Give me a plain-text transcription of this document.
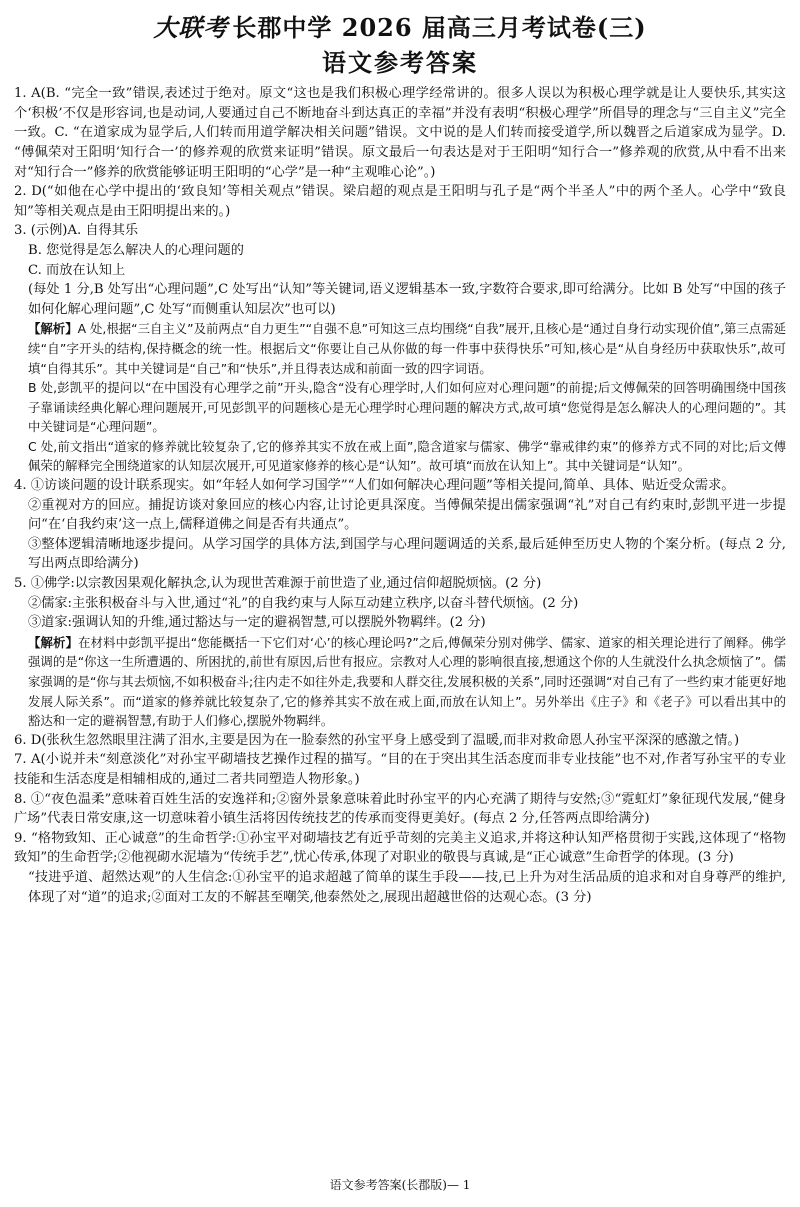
大联考 长郡中学 2026 届高三月考试卷(三)
语文参考答案

1. A(B. “完全一致”错误,表述过于绝对。原文“这也是我们积极心理学经常讲的。很多人误以为积极心理学就是让人要快乐,其实这个‘积极’不仅是形容词,也是动词,人要通过自己不断地奋斗到达真正的幸福”并没有表明“积极心理学”所倡导的理念与“三自主义”完全一致。C. “在道家成为显学后,人们转而用道学解决相关问题”错误。文中说的是人们转而接受道学,所以魏晋之后道家成为显学。D. “傅佩荣对王阳明‘知行合一’的修养观的欣赏来证明”错误。原文最后一句表达是对于王阳明“知行合一”修养观的欣赏,从中看不出来对“知行合一”修养的欣赏能够证明王阳明的“心学”是一种“主观唯心论”。)

2. D(“如他在心学中提出的‘致良知’等相关观点”错误。梁启超的观点是王阳明与孔子是“两个半圣人”中的两个圣人。心学中“致良知”等相关观点是由王阳明提出来的。)

3. (示例)A. 自得其乐

B. 您觉得是怎么解决人的心理问题的

C. 而放在认知上

(每处 1 分,B 处写出“心理问题”,C 处写出“认知”等关键词,语义逻辑基本一致,字数符合要求,即可给满分。比如 B 处写“中国的孩子如何化解心理问题”,C 处写“而侧重认知层次”也可以)

【解析】A 处,根据“三自主义”及前两点“自力更生”“自强不息”可知这三点均围绕“自我”展开,且核心是“通过自身行动实现价值”,第三点需延续“自”字开头的结构,保持概念的统一性。根据后文“你要让自己从你做的每一件事中获得快乐”可知,核心是“从自身经历中获取快乐”,故可填“自得其乐”。其中关键词是“自己”和“快乐”,并且得表达成和前面一致的四字词语。

B 处,彭凯平的提问以“在中国没有心理学之前”开头,隐含“没有心理学时,人们如何应对心理问题”的前提;后文傅佩荣的回答明确围绕中国孩子靠诵读经典化解心理问题展开,可见彭凯平的问题核心是无心理学时心理问题的解决方式,故可填“您觉得是怎么解决人的心理问题的”。其中关键词是“心理问题”。

C 处,前文指出“道家的修养就比较复杂了,它的修养其实不放在戒上面”,隐含道家与儒家、佛学“靠戒律约束”的修养方式不同的对比;后文傅佩荣的解释完全围绕道家的认知层次展开,可见道家修养的核心是“认知”。故可填“而放在认知上”。其中关键词是“认知”。

4. ①访谈问题的设计联系现实。如“年轻人如何学习国学”“人们如何解决心理问题”等相关提问,简单、具体、贴近受众需求。

②重视对方的回应。捕捉访谈对象回应的核心内容,让讨论更具深度。当傅佩荣提出儒家强调“礼”对自己有约束时,彭凯平进一步提问“在‘自我约束’这一点上,儒释道佛之间是否有共通点”。

③整体逻辑清晰地逐步提问。从学习国学的具体方法,到国学与心理问题调适的关系,最后延伸至历史人物的个案分析。(每点 2 分,写出两点即给满分)

5. ①佛学:以宗教因果观化解执念,认为现世苦难源于前世造了业,通过信仰超脱烦恼。(2 分)

②儒家:主张积极奋斗与入世,通过“礼”的自我约束与人际互动建立秩序,以奋斗替代烦恼。(2 分)

③道家:强调认知的升维,通过豁达与一定的避祸智慧,可以摆脱外物羁绊。(2 分)

【解析】在材料中彭凯平提出“您能概括一下它们对‘心’的核心理论吗?”之后,傅佩荣分别对佛学、儒家、道家的相关理论进行了阐释。佛学强调的是“你这一生所遭遇的、所困扰的,前世有原因,后世有报应。宗教对人心理的影响很直接,想通这个你的人生就没什么执念烦恼了”。儒家强调的是“你与其去烦恼,不如积极奋斗;往内走不如往外走,我要和人群交往,发展积极的关系”,同时还强调“对自己有了一些约束才能更好地发展人际关系”。而“道家的修养就比较复杂了,它的修养其实不放在戒上面,而放在认知上”。另外举出《庄子》和《老子》可以看出其中的豁达和一定的避祸智慧,有助于人们修心,摆脱外物羁绊。

6. D(张秋生忽然眼里注满了泪水,主要是因为在一脸泰然的孙宝平身上感受到了温暖,而非对救命恩人孙宝平深深的感激之情。)

7. A(小说并未“刻意淡化”对孙宝平砌墙技艺操作过程的描写。“目的在于突出其生活态度而非专业技能”也不对,作者写孙宝平的专业技能和生活态度是相辅相成的,通过二者共同塑造人物形象。)

8. ①“夜色温柔”意味着百姓生活的安逸祥和;②窗外景象意味着此时孙宝平的内心充满了期待与安然;③“霓虹灯”象征现代发展,“健身广场”代表日常安康,这一切意味着小镇生活将因传统技艺的传承而变得更美好。(每点 2 分,任答两点即给满分)

9. “格物致知、正心诚意”的生命哲学:①孙宝平对砌墙技艺有近乎苛刻的完美主义追求,并将这种认知严格贯彻于实践,这体现了“格物致知”的生命哲学;②他视砌水泥墙为“传统手艺”,忧心传承,体现了对职业的敬畏与真诚,是“正心诚意”生命哲学的体现。(3 分)

“技进乎道、超然达观”的人生信念:①孙宝平的追求超越了简单的谋生手段——技,已上升为对生活品质的追求和对自身尊严的维护,体现了对“道”的追求;②面对工友的不解甚至嘲笑,他泰然处之,展现出超越世俗的达观心态。(3 分)

语文参考答案(长郡版)— 1
